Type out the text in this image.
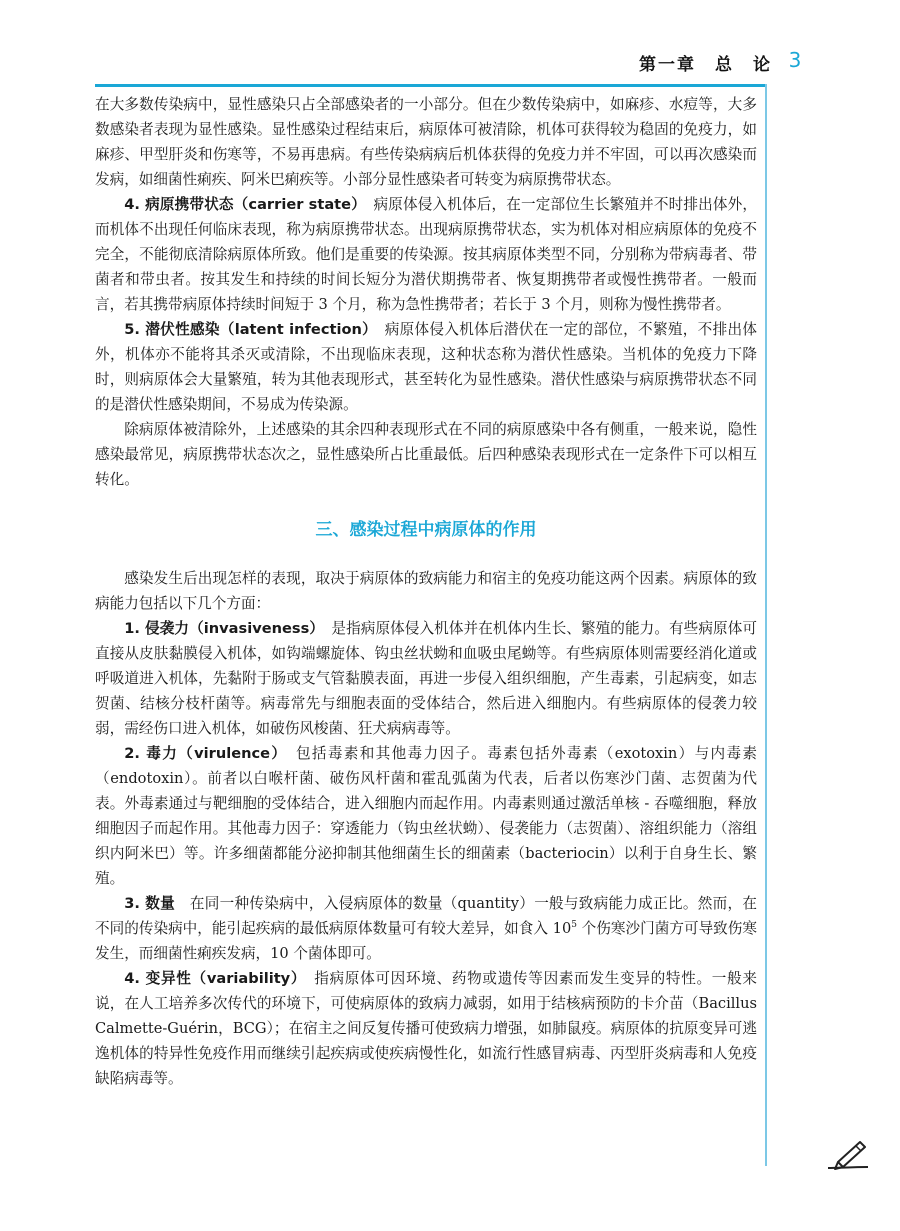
第一章　总　论 3

在大多数传染病中，显性感染只占全部感染者的一小部分。但在少数传染病中，如麻疹、水痘等，大多数感染者表现为显性感染。显性感染过程结束后，病原体可被清除，机体可获得较为稳固的免疫力，如麻疹、甲型肝炎和伤寒等，不易再患病。有些传染病病后机体获得的免疫力并不牢固，可以再次感染而发病，如细菌性痢疾、阿米巴痢疾等。小部分显性感染者可转变为病原携带状态。

4. 病原携带状态（carrier state）　 病原体侵入机体后，在一定部位生长繁殖并不时排出体外，而机体不出现任何临床表现，称为病原携带状态。出现病原携带状态，实为机体对相应病原体的免疫不完全，不能彻底清除病原体所致。他们是重要的传染源。按其病原体类型不同，分别称为带病毒者、带菌者和带虫者。按其发生和持续的时间长短分为潜伏期携带者、恢复期携带者或慢性携带者。一般而言，若其携带病原体持续时间短于 3 个月，称为急性携带者；若长于 3 个月，则称为慢性携带者。

5. 潜伏性感染（latent infection）　 病原体侵入机体后潜伏在一定的部位，不繁殖，不排出体外，机体亦不能将其杀灭或清除，不出现临床表现，这种状态称为潜伏性感染。当机体的免疫力下降时，则病原体会大量繁殖，转为其他表现形式，甚至转化为显性感染。潜伏性感染与病原携带状态不同的是潜伏性感染期间，不易成为传染源。

除病原体被清除外，上述感染的其余四种表现形式在不同的病原感染中各有侧重，一般来说，隐性感染最常见，病原携带状态次之，显性感染所占比重最低。后四种感染表现形式在一定条件下可以相互转化。

三、感染过程中病原体的作用

感染发生后出现怎样的表现，取决于病原体的致病能力和宿主的免疫功能这两个因素。病原体的致病能力包括以下几个方面：

1. 侵袭力（invasiveness）　 是指病原体侵入机体并在机体内生长、繁殖的能力。有些病原体可直接从皮肤黏膜侵入机体，如钩端螺旋体、钩虫丝状蚴和血吸虫尾蚴等。有些病原体则需要经消化道或呼吸道进入机体，先黏附于肠或支气管黏膜表面，再进一步侵入组织细胞，产生毒素，引起病变，如志贺菌、结核分枝杆菌等。病毒常先与细胞表面的受体结合，然后进入细胞内。有些病原体的侵袭力较弱，需经伤口进入机体，如破伤风梭菌、狂犬病病毒等。

2. 毒力（virulence）　 包括毒素和其他毒力因子。毒素包括外毒素（exotoxin）与内毒素（endotoxin）。前者以白喉杆菌、破伤风杆菌和霍乱弧菌为代表，后者以伤寒沙门菌、志贺菌为代表。外毒素通过与靶细胞的受体结合，进入细胞内而起作用。内毒素则通过激活单核 - 吞噬细胞，释放细胞因子而起作用。其他毒力因子：穿透能力（钩虫丝状蚴）、侵袭能力（志贺菌）、溶组织能力（溶组织内阿米巴）等。许多细菌都能分泌抑制其他细菌生长的细菌素（bacteriocin）以利于自身生长、繁殖。

3. 数量　 在同一种传染病中，入侵病原体的数量（quantity）一般与致病能力成正比。然而，在不同的传染病中，能引起疾病的最低病原体数量可有较大差异，如食入 $10^5$ 个伤寒沙门菌方可导致伤寒发生，而细菌性痢疾发病，10 个菌体即可。

4. 变异性（variability）　 指病原体可因环境、药物或遗传等因素而发生变异的特性。一般来说，在人工培养多次传代的环境下，可使病原体的致病力减弱，如用于结核病预防的卡介苗（Bacillus Calmette-Guérin，BCG）；在宿主之间反复传播可使致病力增强，如肺鼠疫。病原体的抗原变异可逃逸机体的特异性免疫作用而继续引起疾病或使疾病慢性化，如流行性感冒病毒、丙型肝炎病毒和人免疫缺陷病毒等。
